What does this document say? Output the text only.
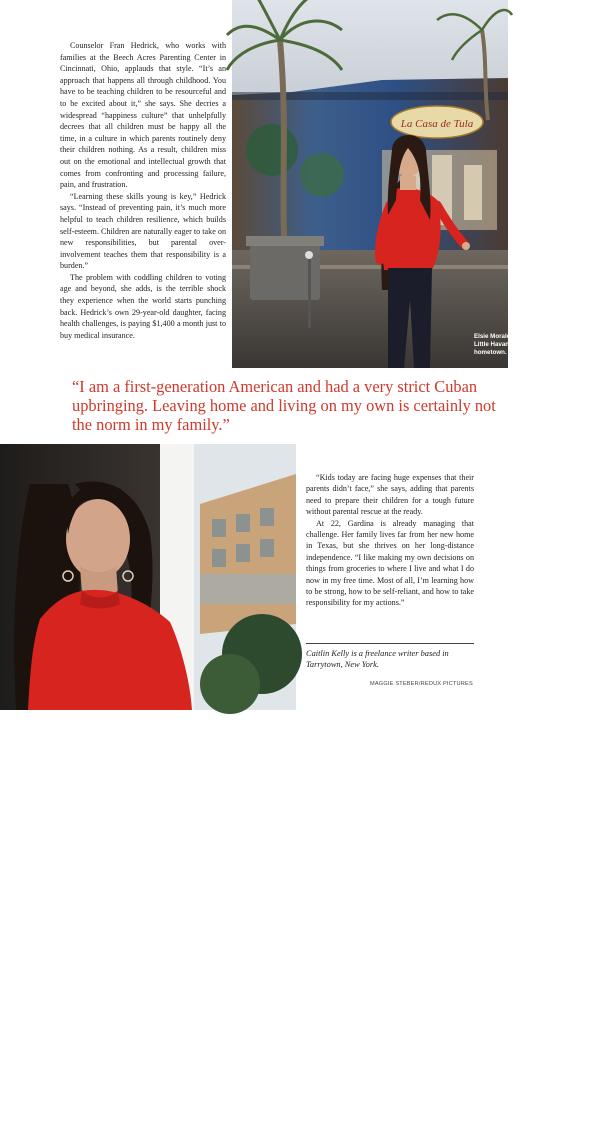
Counselor Fran Hedrick, who works with families at the Beech Acres Parenting Center in Cincinnati, Ohio, applauds that style. “It’s an approach that happens all through childhood. You have to be teaching children to be resourceful and to be excited about it,” she says. She decries a widespread “happiness culture” that unhelpfully decrees that all children must be happy all the time, in a culture in which parents routinely deny their children nothing. As a result, children miss out on the emotional and intellectual growth that comes from confronting and processing failure, pain, and frustration.

“Learning these skills young is key,” Hedrick says. “Instead of preventing pain, it’s much more helpful to teach children resilience, which builds self-esteem. Children are naturally eager to take on new responsibilities, but parental over-involvement teaches them that responsibility is a burden.”

The problem with coddling children to voting age and beyond, she adds, is the terrible shock they experience when the world starts punching back. Hedrick’s own 29-year-old daughter, facing health challenges, is paying $1,400 a month just to buy medical insurance.

La Casa de Tula
Elsie Morales loves the ambiance of Little Havana in Miami, her new hometown.
“I am a first-generation American and had a very strict Cuban upbringing. Leaving home and living on my own is certainly not the norm in my family.”
26 • spring 2009

“Kids today are facing huge expenses that their parents didn’t face,” she says, adding that parents need to prepare their children for a tough future without parental rescue at the ready.

At 22, Gardina is already managing that challenge. Her family lives far from her new home in Texas, but she thrives on her long-distance independence. “I like making my own decisions on things from groceries to where I live and what I do now in my free time. Most of all, I’m learning how to be strong, how to be self-reliant, and how to take responsibility for my actions.”

Caitlin Kelly is a freelance writer based in Tarrytown, New York.
MAGGIE STEBER/REDUX PICTURES
